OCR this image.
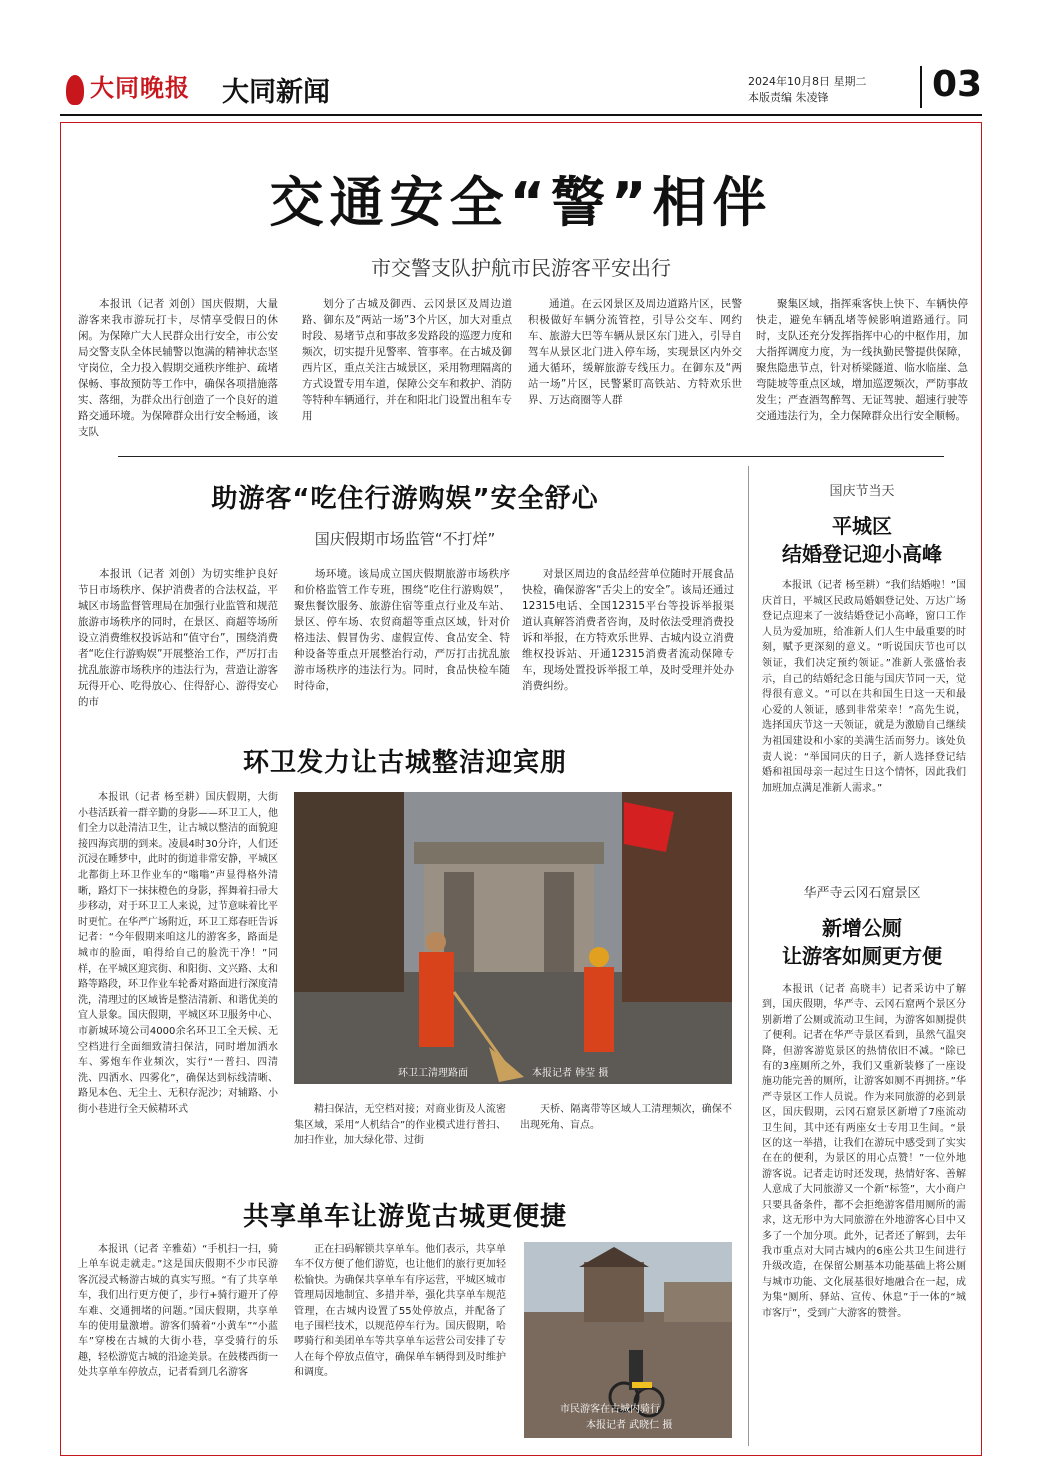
大同晚报 大同新闻	2024年10月8日 星期二
本版责编 朱凌锋	03
交通安全“警”相伴
市交警支队护航市民游客平安出行

本报讯（记者 刘创）国庆假期，大量游客来我市游玩打卡，尽情享受假日的休闲。为保障广大人民群众出行安全，市公安局交警支队全体民辅警以饱满的精神状态坚守岗位，全力投入假期交通秩序维护、疏堵保畅、事故预防等工作中，确保各项措施落实、落细，为群众出行创造了一个良好的道路交通环境。为保障群众出行安全畅通，该支队

划分了古城及御西、云冈景区及周边道路、御东及“两站一场”3个片区，加大对重点时段、易堵节点和事故多发路段的巡逻力度和频次，切实提升见警率、管事率。在古城及御西片区，重点关注古城景区，采用物理隔离的方式设置专用车道，保障公交车和救护、消防等特种车辆通行，并在和阳北门设置出租车专用

通道。在云冈景区及周边道路片区，民警积极做好车辆分流管控，引导公交车、网约车、旅游大巴等车辆从景区东门进入，引导自驾车从景区北门进入停车场，实现景区内外交通大循环，缓解旅游专线压力。在御东及“两站一场”片区，民警紧盯高铁站、方特欢乐世界、万达商圈等人群

聚集区域，指挥乘客快上快下、车辆快停快走，避免车辆乱堵等候影响道路通行。同时，支队还充分发挥指挥中心的中枢作用，加大指挥调度力度，为一线执勤民警提供保障，聚焦隐患节点，针对桥梁隧道、临水临崖、急弯陡坡等重点区域，增加巡逻频次，严防事故发生；严查酒驾醉驾、无证驾驶、超速行驶等交通违法行为，全力保障群众出行安全顺畅。

助游客“吃住行游购娱”安全舒心
国庆假期市场监管“不打烊”

本报讯（记者 刘创）为切实维护良好节日市场秩序、保护消费者的合法权益，平城区市场监督管理局在加强行业监管和规范旅游市场秩序的同时，在景区、商超等场所设立消费维权投诉站和“值守台”，围绕消费者“吃住行游购娱”开展整治工作，严厉打击扰乱旅游市场秩序的违法行为，营造让游客玩得开心、吃得放心、住得舒心、游得安心的市

场环境。该局成立国庆假期旅游市场秩序和价格监管工作专班，围绕“吃住行游购娱”，聚焦餐饮服务、旅游住宿等重点行业及车站、景区、停车场、农贸商超等重点区域，针对价格违法、假冒伪劣、虚假宣传、食品安全、特种设备等重点开展整治行动，严厉打击扰乱旅游市场秩序的违法行为。同时，食品快检车随时待命，

对景区周边的食品经营单位随时开展食品快检，确保游客“舌尖上的安全”。该局还通过12315电话、全国12315平台等投诉举报渠道认真解答消费者咨询，及时依法受理消费投诉和举报，在方特欢乐世界、古城内设立消费维权投诉站、开通12315消费者流动保障专车，现场处置投诉举报工单，及时受理并处办消费纠纷。

环卫发力让古城整洁迎宾朋

本报讯（记者 杨至耕）国庆假期，大街小巷活跃着一群辛勤的身影——环卫工人，他们全力以赴清洁卫生，让古城以整洁的面貌迎接四海宾朋的到来。凌晨4时30分许，人们还沉浸在睡梦中，此时的街道非常安静，平城区北都街上环卫作业车的“嗡嗡”声显得格外清晰，路灯下一抹抹橙色的身影，挥舞着扫帚大步移动，对于环卫工人来说，过节意味着比平时更忙。在华严广场附近，环卫工郑春旺告诉记者：“今年假期来咱这儿的游客多，路面是城市的脸面，咱得给自己的脸洗干净！”同样，在平城区迎宾街、和阳街、文兴路、太和路等路段，环卫作业车轮番对路面进行深度清洗，清理过的区域皆是整洁清新、和谐优美的宜人景象。国庆假期，平城区环卫服务中心、市新城环境公司4000余名环卫工全天候、无空档进行全面细致清扫保洁，同时增加洒水车、雾炮车作业频次，实行“一普扫、四清洗、四洒水、四雾化”，确保达到标线清晰、路见本色、无尘土、无积存泥沙；对辅路、小街小巷进行全天候精环式

环卫工清理路面	本报记者 韩莹 摄

精扫保洁，无空档对接；对商业街及人流密集区域，采用“人机结合”的作业模式进行普扫、加扫作业，加大绿化带、过街

天桥、隔离带等区域人工清理频次，确保不出现死角、盲点。

共享单车让游览古城更便捷

本报讯（记者 辛雅茹）“手机扫一扫，骑上单车说走就走。”这是国庆假期不少市民游客沉浸式畅游古城的真实写照。“有了共享单车，我们出行更方便了，步行+骑行避开了停车难、交通拥堵的问题。”国庆假期，共享单车的使用量激增。游客们骑着“小黄车”“小蓝车”穿梭在古城的大街小巷，享受骑行的乐趣，轻松游览古城的沿途美景。在鼓楼西街一处共享单车停放点，记者看到几名游客

正在扫码解锁共享单车。他们表示，共享单车不仅方便了他们游览，也让他们的旅行更加轻松愉快。为确保共享单车有序运营，平城区城市管理局因地制宜、多措并举，强化共享单车规范管理，在古城内设置了55处停放点，并配备了电子围栏技术，以规范停车行为。国庆假期，哈啰骑行和美团单车等共享单车运营公司安排了专人在每个停放点值守，确保单车辆得到及时维护和调度。

市民游客在古城内骑行
本报记者 武晓仁 摄
国庆节当天
平城区
结婚登记迎小高峰

本报讯（记者 杨至耕）“我们结婚啦！”国庆首日，平城区民政局婚姻登记处、万达广场登记点迎来了一波结婚登记小高峰，窗口工作人员为爱加班，给准新人们人生中最重要的时刻，赋予更深刻的意义。“听说国庆节也可以领证，我们决定预约领证。”准新人张盛怡表示，自己的结婚纪念日能与国庆节同一天，觉得很有意义。“可以在共和国生日这一天和最心爱的人领证，感到非常荣幸！”高先生说，选择国庆节这一天领证，就是为激励自己继续为祖国建设和小家的美满生活而努力。该处负责人说：“举国同庆的日子，新人选择登记结婚和祖国母亲一起过生日这个情怀，因此我们加班加点满足准新人需求。”

华严寺云冈石窟景区
新增公厕
让游客如厕更方便

本报讯（记者 高晓丰）记者采访中了解到，国庆假期，华严寺、云冈石窟两个景区分别新增了公厕或流动卫生间，为游客如厕提供了便利。记者在华严寺景区看到，虽然气温突降，但游客游览景区的热情依旧不减。“除已有的3座厕所之外，我们又重新装修了一座设施功能完善的厕所，让游客如厕不再拥挤。”华严寺景区工作人员说。作为来同旅游的必到景区，国庆假期，云冈石窟景区新增了7座流动卫生间，其中还有两座女士专用卫生间。“景区的这一举措，让我们在游玩中感受到了实实在在的便利，为景区的用心点赞！”一位外地游客说。记者走访时还发现，热情好客、善解人意成了大同旅游又一个新“标签”，大小商户只要具备条件，都不会拒绝游客借用厕所的需求，这无形中为大同旅游在外地游客心目中又多了一个加分项。此外，记者还了解到，去年我市重点对大同古城内的6座公共卫生间进行升级改造，在保留公厕基本功能基础上将公厕与城市功能、文化展基很好地融合在一起，成为集“厕所、驿站、宣传、休息”于一体的“城市客厅”，受到广大游客的赞誉。
